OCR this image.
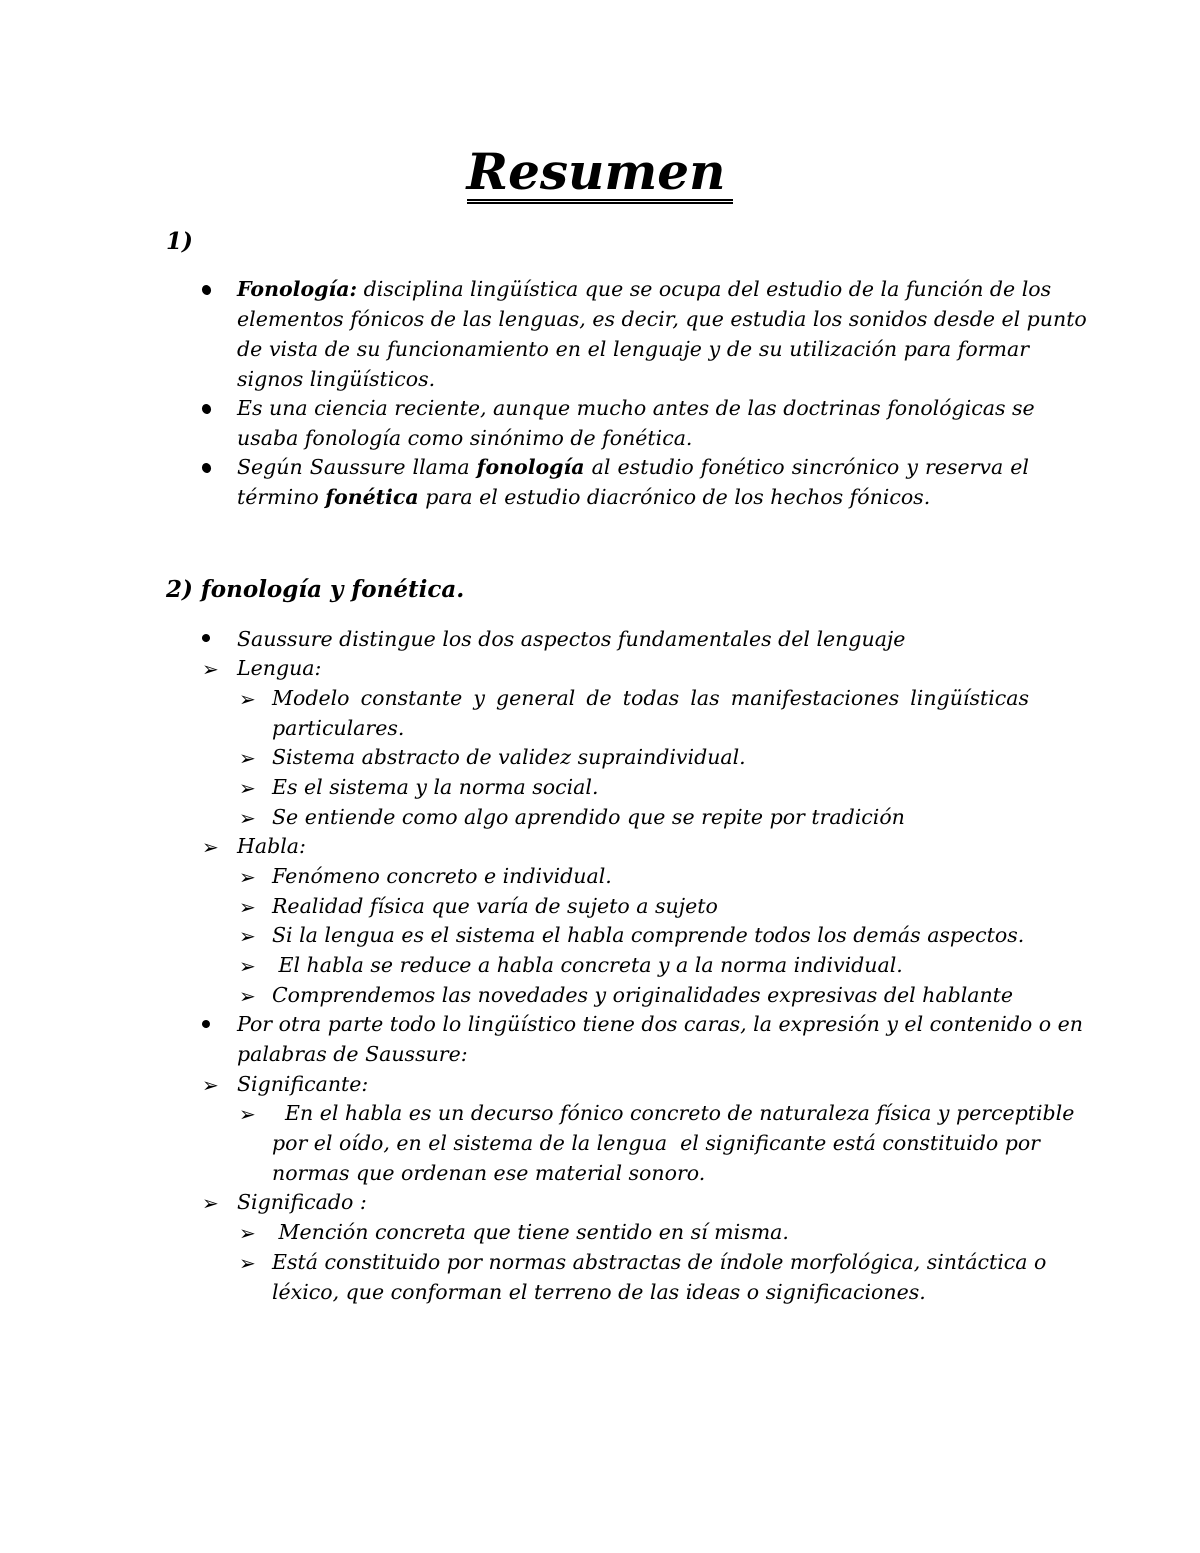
Resumen
1)
Fonología: disciplina lingüística que se ocupa del estudio de la función de los
elementos fónicos de las lenguas, es decir, que estudia los sonidos desde el punto
de vista de su funcionamiento en el lenguaje y de su utilización para formar
signos lingüísticos.
Es una ciencia reciente, aunque mucho antes de las doctrinas fonológicas se
usaba fonología como sinónimo de fonética.
Según Saussure llama fonología al estudio fonético sincrónico y reserva el
término fonética para el estudio diacrónico de los hechos fónicos.
2) fonología y fonética.
Saussure distingue los dos aspectos fundamentales del lenguaje
➢ Lengua:
➢ Modelo constante y general de todas las manifestaciones lingüísticas
particulares.
➢ Sistema abstracto de validez supraindividual.
➢ Es el sistema y la norma social.
➢ Se entiende como algo aprendido que se repite por tradición
➢ Habla:
➢ Fenómeno concreto e individual.
➢ Realidad física que varía de sujeto a sujeto
➢ Si la lengua es el sistema el habla comprende todos los demás aspectos.
➢ El habla se reduce a habla concreta y a la norma individual.
➢ Comprendemos las novedades y originalidades expresivas del hablante
Por otra parte todo lo lingüístico tiene dos caras, la expresión y el contenido o en
palabras de Saussure:
➢ Significante:
➢ En el habla es un decurso fónico concreto de naturaleza física y perceptible
por el oído, en el sistema de la lengua  el significante está constituido por
normas que ordenan ese material sonoro.
➢ Significado :
➢ Mención concreta que tiene sentido en sí misma.
➢ Está constituido por normas abstractas de índole morfológica, sintáctica o
léxico, que conforman el terreno de las ideas o significaciones.
